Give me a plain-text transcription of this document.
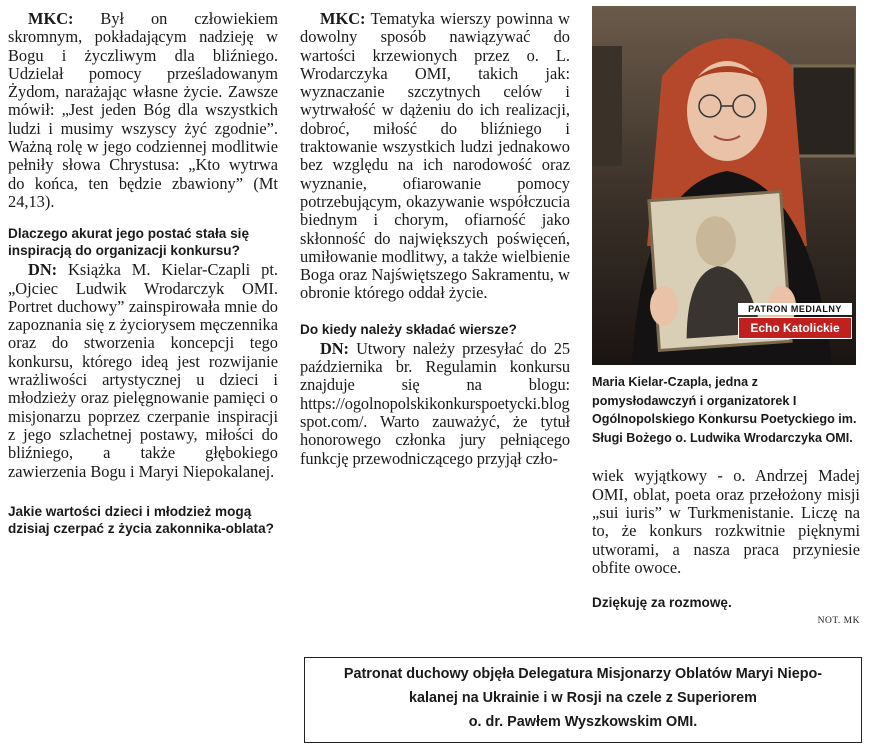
MKC: Był on człowiekiem skromnym, pokładającym nadzieję w Bogu i życzliwym dla bliźniego. Udzielał pomocy prześladowanym Żydom, narażając własne życie. Zawsze mówił: „Jest jeden Bóg dla wszystkich ludzi i musimy wszyscy żyć zgodnie”. Ważną rolę w jego codziennej modlitwie pełniły słowa Chrystusa: „Kto wytrwa do końca, ten będzie zbawiony” (Mt 24,13).

Dlaczego akurat jego postać stała się inspiracją do organizacji konkursu?

DN: Książka M. Kielar-Czapli pt. „Ojciec Ludwik Wrodarczyk OMI. Portret duchowy” zainspirowała mnie do zapoznania się z życiorysem męczennika oraz do stworzenia koncepcji tego konkursu, którego ideą jest rozwijanie wrażliwości artystycznej u dzieci i młodzieży oraz pielęgnowanie pamięci o misjonarzu poprzez czerpanie inspiracji z jego szlachetnej postawy, miłości do bliźniego, a także głębokiego zawierzenia Bogu i Maryi Niepokalanej.

Jakie wartości dzieci i młodzież mogą dzisiaj czerpać z życia zakonnika-oblata?

MKC: Tematyka wierszy powinna w dowolny sposób nawiązywać do wartości krzewionych przez o. L. Wrodarczyka OMI, takich jak: wyznaczanie szczytnych celów i wytrwałość w dążeniu do ich realizacji, dobroć, miłość do bliźniego i traktowanie wszystkich ludzi jednakowo bez względu na ich narodowość oraz wyznanie, ofiarowanie pomocy potrzebującym, okazywanie współczucia biednym i chorym, ofiarność jako skłonność do największych poświęceń, umiłowanie modlitwy, a także wielbienie Boga oraz Najświętszego Sakramentu, w obronie którego oddał życie.

Do kiedy należy składać wiersze?

DN: Utwory należy przesyłać do 25 października br. Regulamin konkursu znajduje się na blogu: https://ogolnopolskikonkurspoetycki.blogspot.com/. Warto zauważyć, że tytuł honorowego członka jury pełniącego funkcję przewodniczącego przyjął czło-

PATRON MEDIALNY
Echo Katolickie

Maria Kielar-Czapla, jedna z pomysłodawczyń i organizatorek I Ogólnopolskiego Konkursu Poetyckiego im. Sługi Bożego o. Ludwika Wrodarczyka OMI.

wiek wyjątkowy - o. Andrzej Madej OMI, oblat, poeta oraz przełożony misji „sui iuris” w Turkmenistanie. Liczę na to, że konkurs rozkwitnie pięknymi utworami, a nasza praca przyniesie obfite owoce.

Dziękuję za rozmowę.

NOT. MK
Patronat duchowy objęła Delegatura Misjonarzy Oblatów Maryi Niepo-
kalanej na Ukrainie i w Rosji na czele z Superiorem
o. dr. Pawłem Wyszkowskim OMI.
